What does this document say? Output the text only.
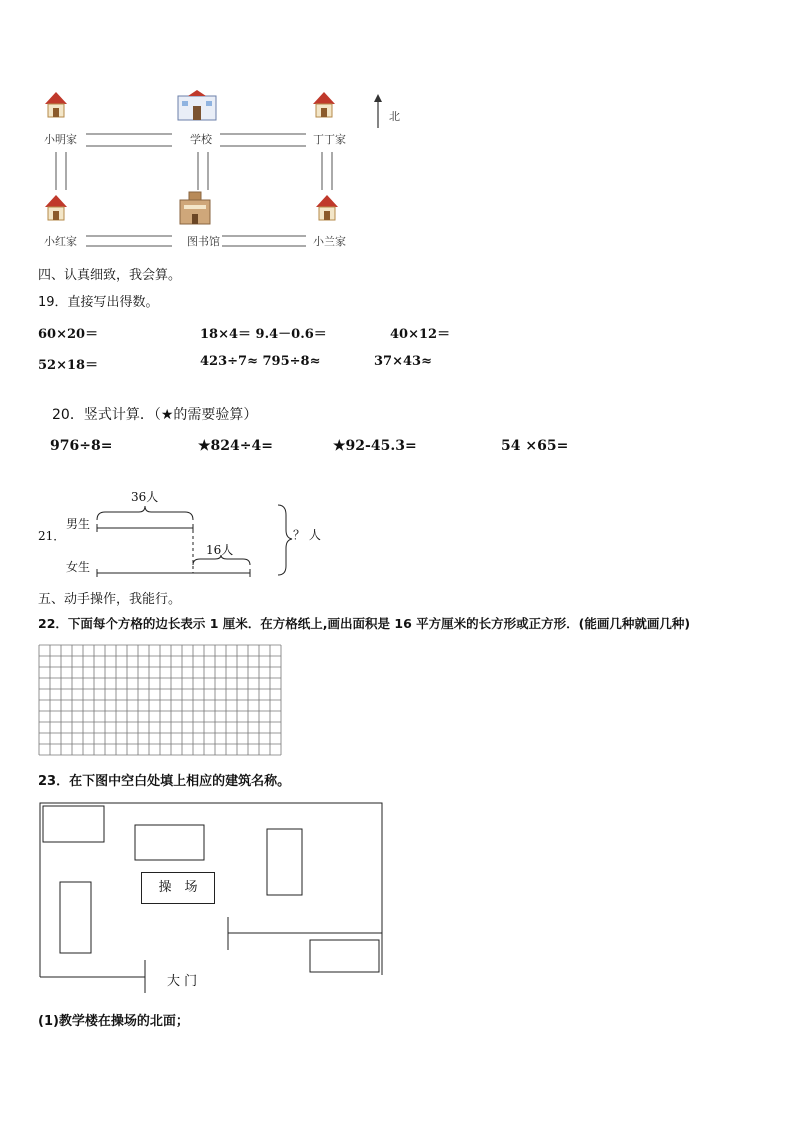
小明家	学校	丁丁家
小红家	图书馆	小兰家
北
四、认真细致，我会算。
19．直接写出得数。
60×20＝	18×4＝ 9.4－0.6＝	40×12＝
52×18＝	423÷7≈ 795÷8≈	37×43≈
20．竖式计算．（★的需要验算）
976÷8=	★824÷4=	★92-45.3=	54 ×65=
21．
男生
女生
36人
16人
？ 人
五、动手操作，我能行。
22．下面每个方格的边长表示 1 厘米．在方格纸上,画出面积是 16 平方厘米的长方形或正方形．(能画几种就画几种)
23．在下图中空白处填上相应的建筑名称。
操　场
大 门
(1)教学楼在操场的北面；
